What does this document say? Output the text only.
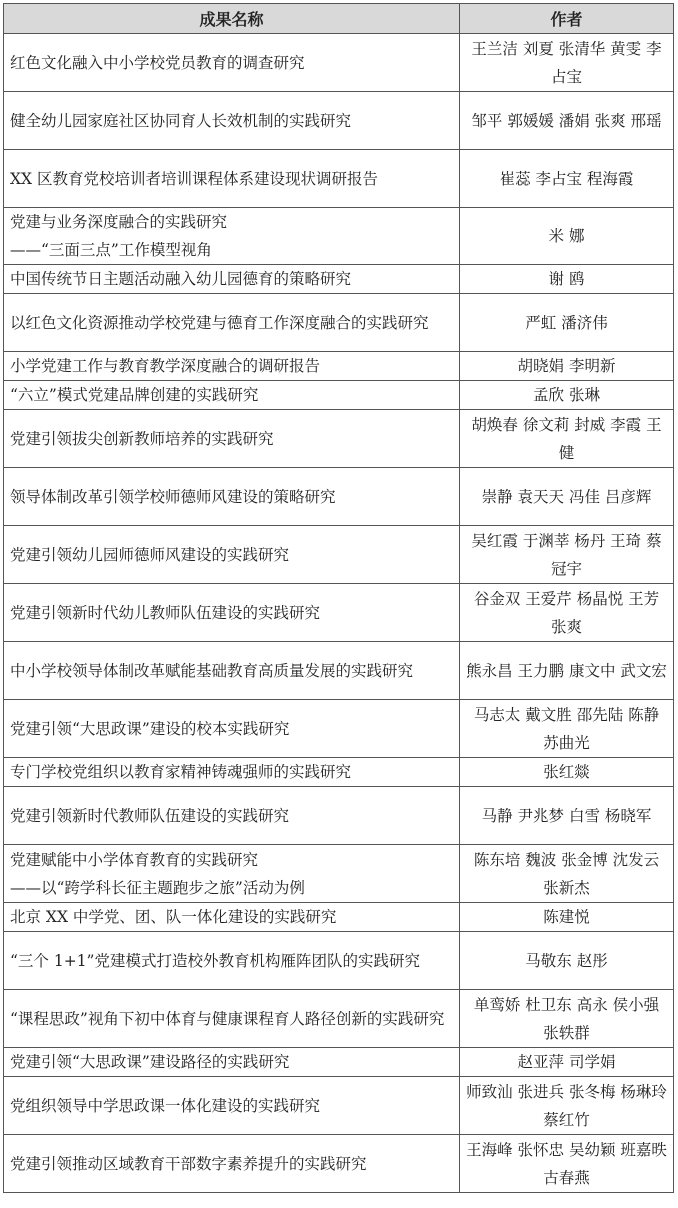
成果名称	作者
红色文化融入中小学校党员教育的调查研究	王兰洁 刘夏 张清华 黄雯 李占宝
健全幼儿园家庭社区协同育人长效机制的实践研究	邹平 郭媛媛 潘娟 张爽 邢瑶
XX 区教育党校培训者培训课程体系建设现状调研报告	崔蕊 李占宝 程海霞
党建与业务深度融合的实践研究
——“三面三点”工作模型视角	米 娜
中国传统节日主题活动融入幼儿园德育的策略研究	谢 鸥
以红色文化资源推动学校党建与德育工作深度融合的实践研究	严虹 潘济伟
小学党建工作与教育教学深度融合的调研报告	胡晓娟 李明新
“六立”模式党建品牌创建的实践研究	孟欣 张琳
党建引领拔尖创新教师培养的实践研究	胡焕春 徐文莉 封威 李霞 王健
领导体制改革引领学校师德师风建设的策略研究	崇静 袁天天 冯佳 吕彦辉
党建引领幼儿园师德师风建设的实践研究	吴红霞 于渊莘 杨丹 王琦 蔡冠宇
党建引领新时代幼儿教师队伍建设的实践研究	谷金双 王爱芹 杨晶悦 王芳 张爽
中小学校领导体制改革赋能基础教育高质量发展的实践研究	熊永昌 王力鹏 康文中 武文宏
党建引领“大思政课”建设的校本实践研究	马志太 戴文胜 邵先陆 陈静 苏曲光
专门学校党组织以教育家精神铸魂强师的实践研究	张红燚
党建引领新时代教师队伍建设的实践研究	马静 尹兆梦 白雪 杨晓军
党建赋能中小学体育教育的实践研究
——以“跨学科长征主题跑步之旅”活动为例	陈东培 魏波 张金博 沈发云 张新杰
北京 XX 中学党、团、队一体化建设的实践研究	陈建悦
“三个 1+1”党建模式打造校外教育机构雁阵团队的实践研究	马敬东 赵彤
“课程思政”视角下初中体育与健康课程育人路径创新的实践研究	单鸾娇 杜卫东 高永 侯小强 张轶群
党建引领“大思政课”建设路径的实践研究	赵亚萍 司学娟
党组织领导中学思政课一体化建设的实践研究	师致汕 张进兵 张冬梅 杨琳玲 蔡红竹
党建引领推动区域教育干部数字素养提升的实践研究	王海峰 张怀忠 吴幼颖 班嘉昳 古春燕
